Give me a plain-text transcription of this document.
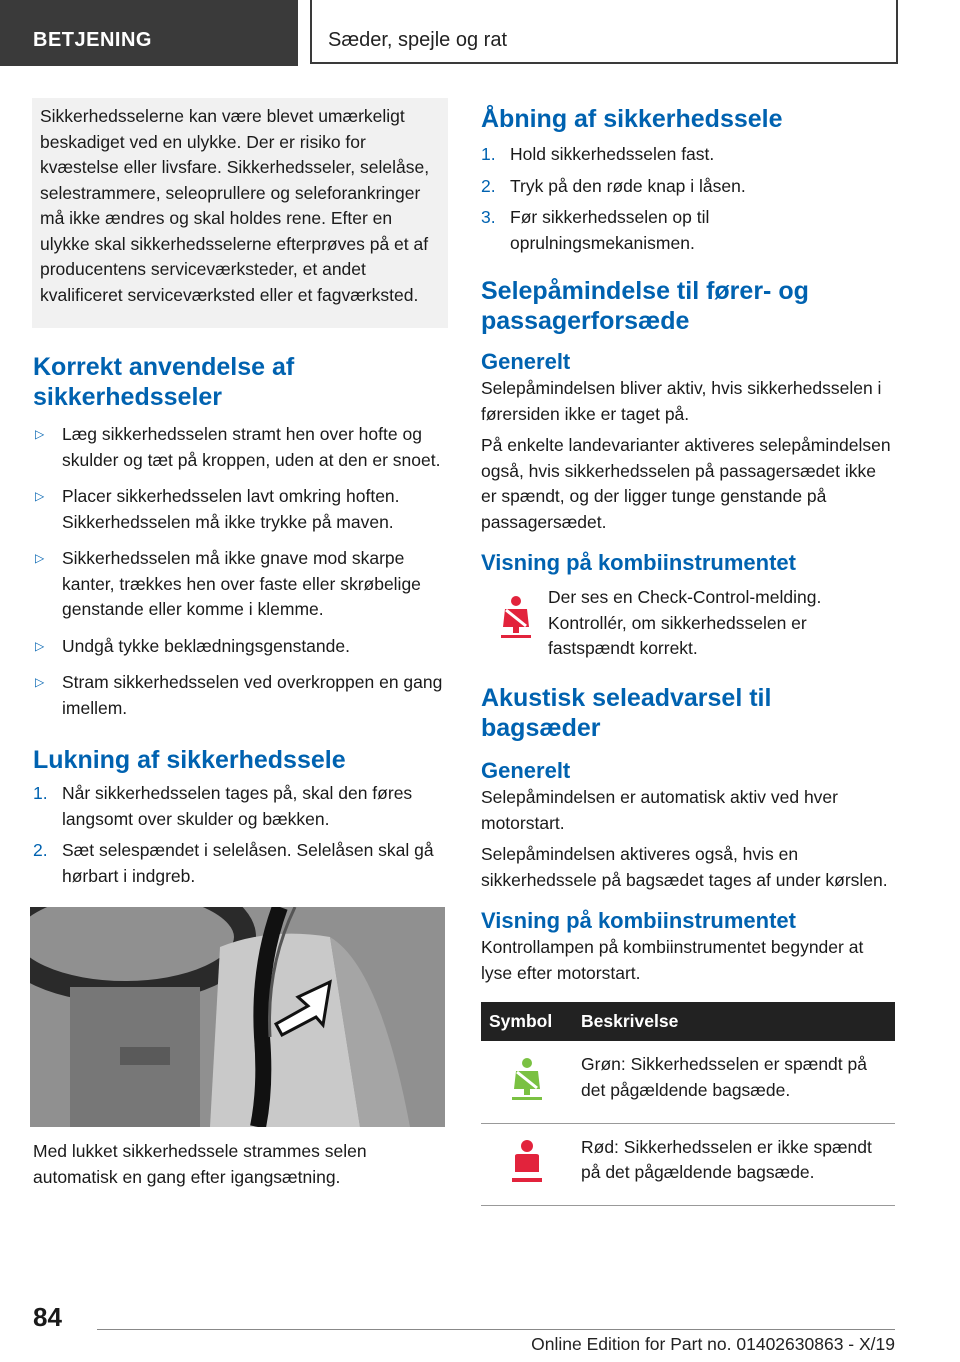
BETJENING	Sæder, spejle og rat
Sikkerhedsselerne kan være blevet umærkeligt beskadiget ved en ulykke. Der er risiko for kvæstelse eller livsfare. Sikkerhedsseler, selelåse, selestrammere, seleoprullere og seleforankringer må ikke ændres og skal holdes rene. Efter en ulykke skal sikkerhedsselerne efterprøves på et af producentens serviceværksteder, et andet kvalificeret serviceværksted eller et fagværksted.
Korrekt anvendelse af sikkerhedsseler
▷ Læg sikkerhedsselen stramt hen over hofte og skulder og tæt på kroppen, uden at den er snoet.
▷ Placer sikkerhedsselen lavt omkring hoften. Sikkerhedsselen må ikke trykke på maven.
▷ Sikkerhedsselen må ikke gnave mod skarpe kanter, trækkes hen over faste eller skrøbelige genstande eller komme i klemme.
▷ Undgå tykke beklædningsgenstande.
▷ Stram sikkerhedsselen ved overkroppen en gang imellem.
Lukning af sikkerhedssele
1. Når sikkerhedsselen tages på, skal den føres langsomt over skulder og bækken.
2. Sæt selespændet i selelåsen. Selelåsen skal gå hørbart i indgreb.

Med lukket sikkerhedssele strammes selen automatisk en gang efter igangsætning.

Åbning af sikkerhedssele
1. Hold sikkerhedsselen fast.
2. Tryk på den røde knap i låsen.
3. Før sikkerhedsselen op til oprulningsmekanismen.
Selepåmindelse til fører- og passagerforsæde
Generelt

Selepåmindelsen bliver aktiv, hvis sikkerhedsselen i førersiden ikke er taget på.

På enkelte landevarianter aktiveres selepåmindelsen også, hvis sikkerhedsselen på passagersædet ikke er spændt, og der ligger tunge genstande på passagersædet.

Visning på kombiinstrumentet

Der ses en Check-Control-melding. Kontrollér, om sikkerhedsselen er fastspændt korrekt.

Akustisk seleadvarsel til bagsæder
Generelt

Selepåmindelsen er automatisk aktiv ved hver motorstart.

Selepåmindelsen aktiveres også, hvis en sikkerhedssele på bagsædet tages af under kørslen.

Visning på kombiinstrumentet

Kontrollampen på kombiinstrumentet begynder at lyse efter motorstart.

Symbol	Beskrivelse
	Grøn: Sikkerhedsselen er spændt på det pågældende bagsæde.
	Rød: Sikkerhedsselen er ikke spændt på det pågældende bagsæde.
84
Online Edition for Part no. 01402630863 - X/19
